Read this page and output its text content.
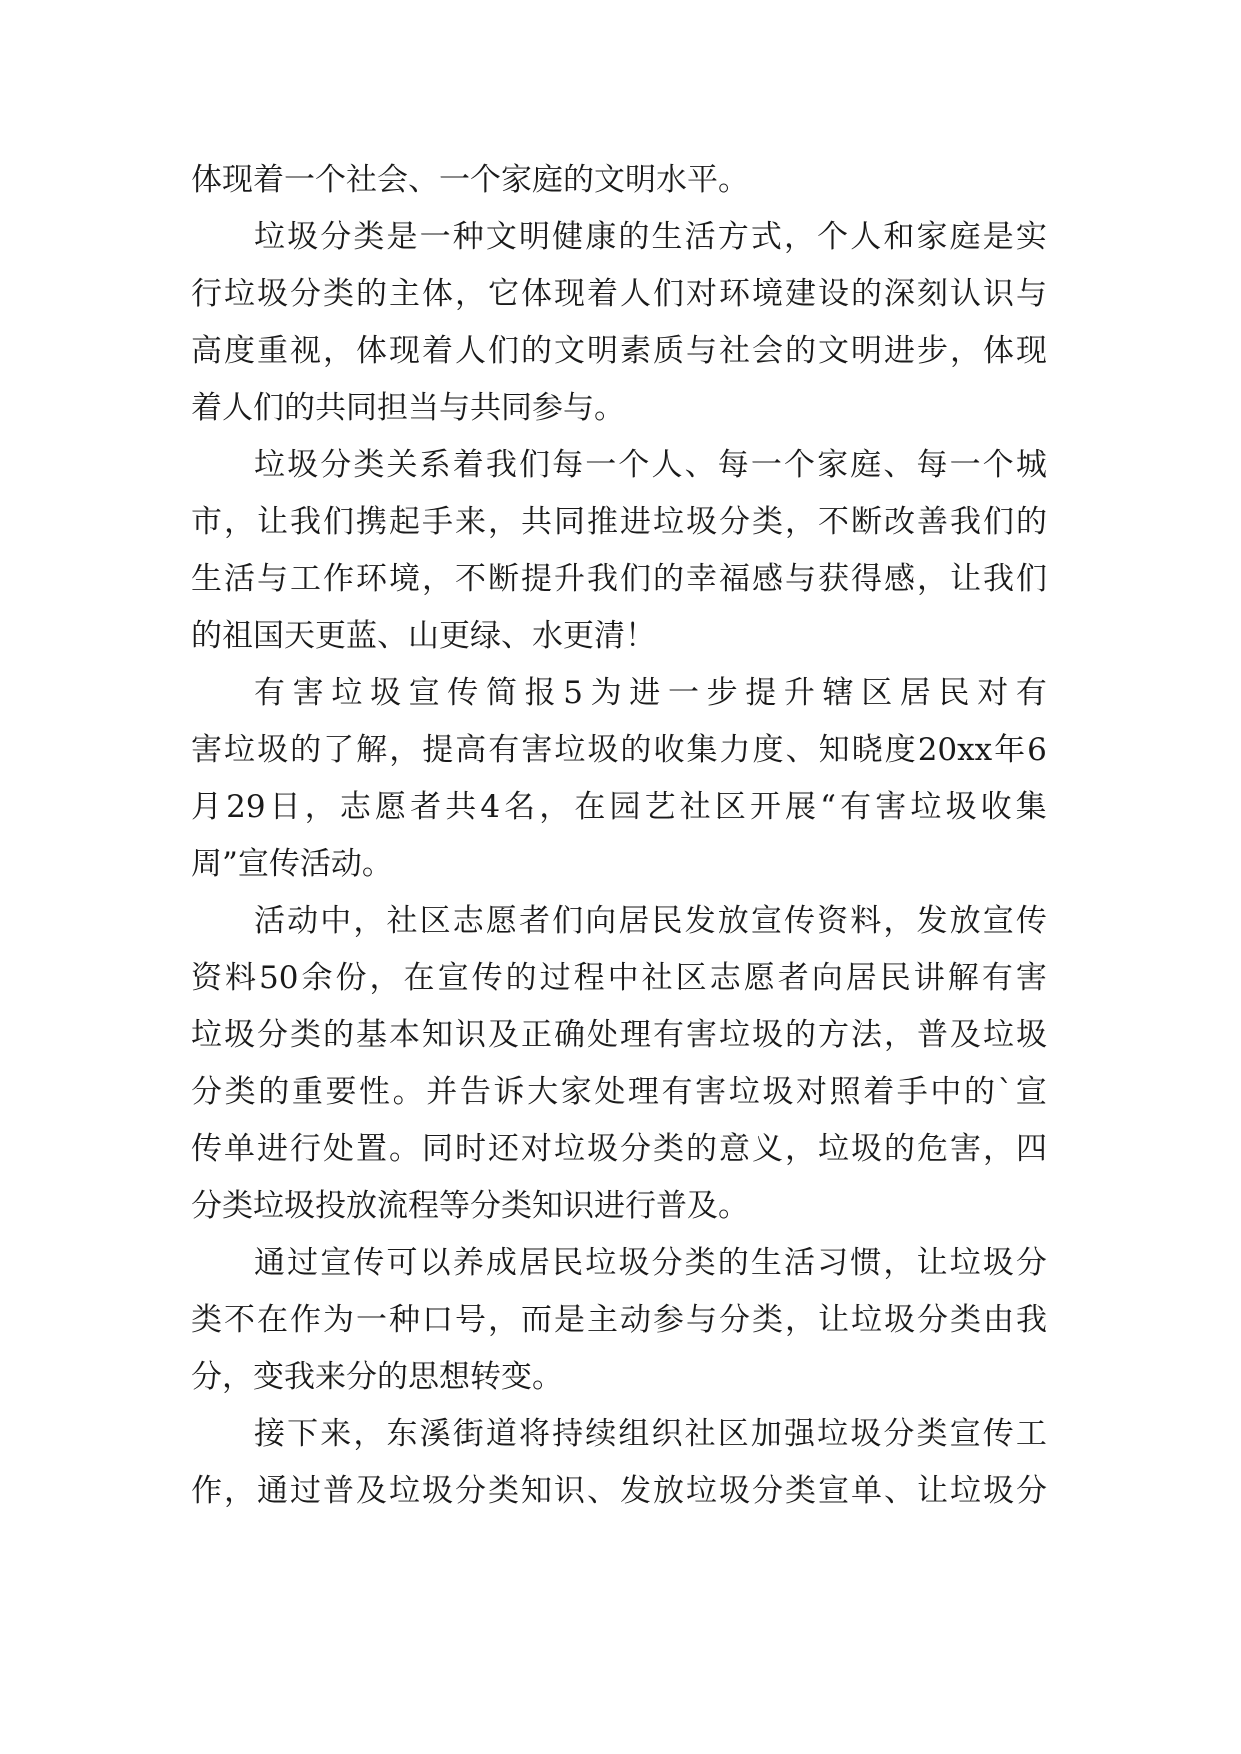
体现着一个社会、一个家庭的文明水平。
垃 圾 分 类 是 一 种 文 明 健 康 的 生 活 方 式 ， 个 人 和 家 庭 是 实
行 垃 圾 分 类 的 主 体 ， 它 体 现 着 人 们 对 环 境 建 设 的 深 刻 认 识 与
高 度 重 视 ， 体 现 着 人 们 的 文 明 素 质 与 社 会 的 文 明 进 步 ， 体 现
着人们的共同担当与共同参与。
垃 圾 分 类 关 系 着 我 们 每 一 个 人 、 每 一 个 家 庭 、 每 一 个 城
市 ， 让 我 们 携 起 手 来 ， 共 同 推 进 垃 圾 分 类 ， 不 断 改 善 我 们 的
生 活 与 工 作 环 境 ， 不 断 提 升 我 们 的 幸 福 感 与 获 得 感 ， 让 我 们
的祖国天更蓝、山更绿、水更清！
有 害 垃 圾 宣 传 简 报 5 为 进 一 步 提 升 辖 区 居 民 对 有
害 垃 圾 的 了 解 ， 提 高 有 害 垃 圾 的 收 集 力 度 、 知 晓 度 20xx 年 6
月 29 日 ， 志 愿 者 共 4 名 ， 在 园 艺 社 区 开 展 “ 有 害 垃 圾 收 集
周”宣传活动。
活 动 中 ， 社 区 志 愿 者 们 向 居 民 发 放 宣 传 资 料 ， 发 放 宣 传
资 料 50 余 份 ， 在 宣 传 的 过 程 中 社 区 志 愿 者 向 居 民 讲 解 有 害
垃 圾 分 类 的 基 本 知 识 及 正 确 处 理 有 害 垃 圾 的 方 法 ， 普 及 垃 圾
分 类 的 重 要 性 。 并 告 诉 大 家 处 理 有 害 垃 圾 对 照 着 手 中 的 ` 宣
传 单 进 行 处 置 。 同 时 还 对 垃 圾 分 类 的 意 义 ， 垃 圾 的 危 害 ， 四
分类垃圾投放流程等分类知识进行普及。
通 过 宣 传 可 以 养 成 居 民 垃 圾 分 类 的 生 活 习 惯 ， 让 垃 圾 分
类 不 在 作 为 一 种 口 号 ， 而 是 主 动 参 与 分 类 ， 让 垃 圾 分 类 由 我
分，变我来分的思想转变。
接 下 来 ， 东 溪 街 道 将 持 续 组 织 社 区 加 强 垃 圾 分 类 宣 传 工
作 ， 通 过 普 及 垃 圾 分 类 知 识 、 发 放 垃 圾 分 类 宣 单 、 让 垃 圾 分
